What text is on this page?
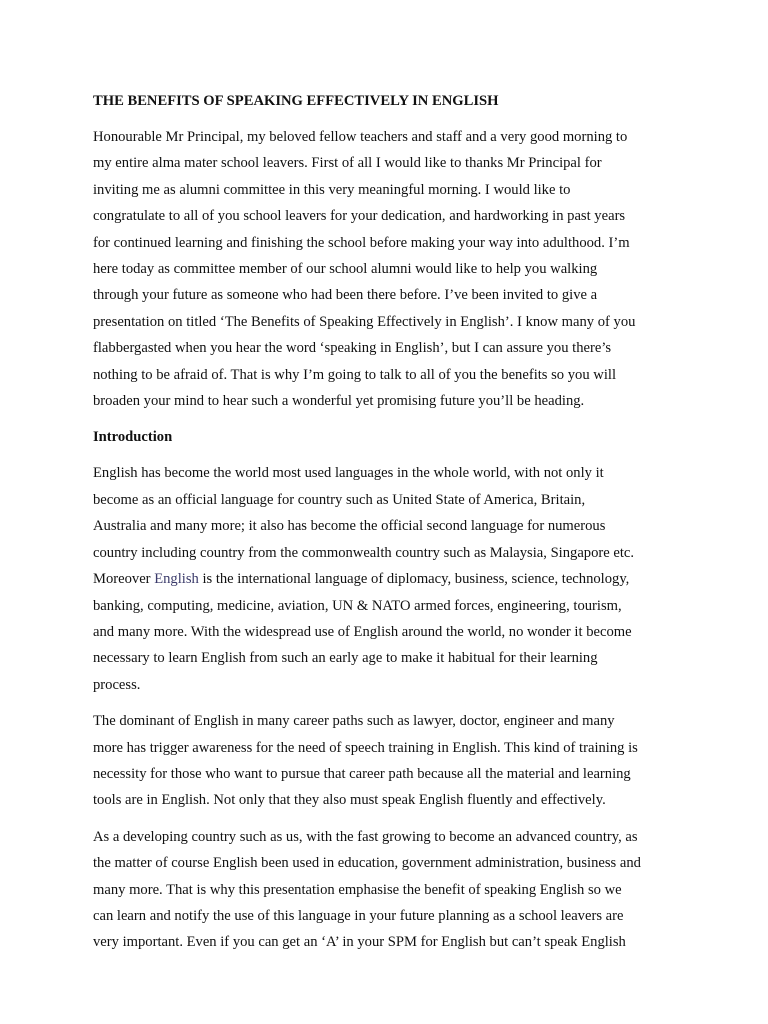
THE BENEFITS OF SPEAKING EFFECTIVELY IN ENGLISH

Honourable Mr Principal, my beloved fellow teachers and staff and a very good morning to
my entire alma mater school leavers. First of all I would like to thanks Mr Principal for
inviting me as alumni committee in this very meaningful morning. I would like to
congratulate to all of you school leavers for your dedication, and hardworking in past years
for continued learning and finishing the school before making your way into adulthood. I’m
here today as committee member of our school alumni would like to help you walking
through your future as someone who had been there before. I’ve been invited to give a
presentation on titled ‘The Benefits of Speaking Effectively in English’. I know many of you
flabbergasted when you hear the word ‘speaking in English’, but I can assure you there’s
nothing to be afraid of. That is why I’m going to talk to all of you the benefits so you will
broaden your mind to hear such a wonderful yet promising future you’ll be heading.

Introduction

English has become the world most used languages in the whole world, with not only it
become as an official language for country such as United State of America, Britain,
Australia and many more; it also has become the official second language for numerous
country including country from the commonwealth country such as Malaysia, Singapore etc.
Moreover English is the international language of diplomacy, business, science, technology,
banking, computing, medicine, aviation, UN & NATO armed forces, engineering, tourism,
and many more. With the widespread use of English around the world, no wonder it become
necessary to learn English from such an early age to make it habitual for their learning
process.

The dominant of English in many career paths such as lawyer, doctor, engineer and many
more has trigger awareness for the need of speech training in English. This kind of training is
necessity for those who want to pursue that career path because all the material and learning
tools are in English. Not only that they also must speak English fluently and effectively.

As a developing country such as us, with the fast growing to become an advanced country, as
the matter of course English been used in education, government administration, business and
many more. That is why this presentation emphasise the benefit of speaking English so we
can learn and notify the use of this language in your future planning as a school leavers are
very important. Even if you can get an ‘A’ in your SPM for English but can’t speak English
